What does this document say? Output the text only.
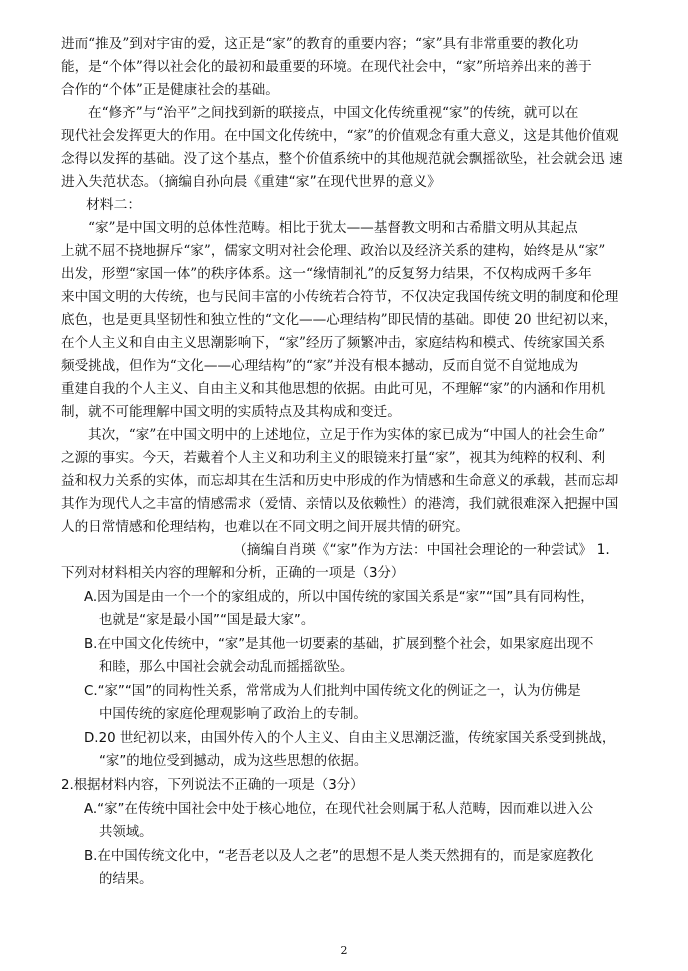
进而“推及”到对宇宙的爱，这正是“家”的教育的重要内容；“家”具有非常重要的教化功
能，是“个体”得以社会化的最初和最重要的环境。在现代社会中，“家”所培养出来的善于
合作的“个体”正是健康社会的基础。
在“修齐”与“治平”之间找到新的联接点，中国文化传统重视“家”的传统，就可以在
现代社会发挥更大的作用。在中国文化传统中，“家”的价值观念有重大意义，这是其他价值观
念得以发挥的基础。没了这个基点，整个价值系统中的其他规范就会飘摇欲坠，社会就会迅 速
进入失范状态。（摘编自孙向晨《重建“家”在现代世界的意义》
材料二：
“家”是中国文明的总体性范畴。相比于犹太——基督教文明和古希腊文明从其起点
上就不屈不挠地摒斥“家”，儒家文明对社会伦理、政治以及经济关系的建构，始终是从“家”
出发，形塑“家国一体”的秩序体系。这一“缘情制礼”的反复努力结果，不仅构成两千多年
来中国文明的大传统，也与民间丰富的小传统若合符节，不仅决定我国传统文明的制度和伦理
底色，也是更具坚韧性和独立性的“文化——心理结构”即民情的基础。即使 20 世纪初以来，
在个人主义和自由主义思潮影响下，“家”经历了频繁冲击，家庭结构和模式、传统家国关系
频受挑战，但作为“文化——心理结构”的“家”并没有根本撼动，反而自觉不自觉地成为
重建自我的个人主义、自由主义和其他思想的依据。由此可见，不理解“家”的内涵和作用机
制，就不可能理解中国文明的实质特点及其构成和变迁。
其次，“家”在中国文明中的上述地位，立足于作为实体的家已成为“中国人的社会生命”
之源的事实。今天，若戴着个人主义和功利主义的眼镜来打量“家”，视其为纯粹的权利、利
益和权力关系的实体，而忘却其在生活和历史中形成的作为情感和生命意义的承载，甚而忘却
其作为现代人之丰富的情感需求（爱情、亲情以及依赖性）的港湾，我们就很难深入把握中国
人的日常情感和伦理结构，也难以在不同文明之间开展共情的研究。
（摘编自肖瑛《“家”作为方法：中国社会理论的一种尝试》 1.
下列对材料相关内容的理解和分析，正确的一项是（3分）
A.因为国是由一个一个的家组成的，所以中国传统的家国关系是“家”“国”具有同构性，
也就是“家是最小国”“国是最大家”。
B.在中国文化传统中，“家”是其他一切要素的基础，扩展到整个社会，如果家庭出现不
和睦，那么中国社会就会动乱而摇摇欲坠。
C.“家”“国”的同构性关系，常常成为人们批判中国传统文化的例证之一，认为仿佛是
中国传统的家庭伦理观影响了政治上的专制。
D.20 世纪初以来，由国外传入的个人主义、自由主义思潮泛滥，传统家国关系受到挑战，
“家”的地位受到撼动，成为这些思想的依据。
2.根据材料内容，下列说法不正确的一项是（3分）
A.“家”在传统中国社会中处于核心地位，在现代社会则属于私人范畴，因而难以进入公
共领域。
B.在中国传统文化中，“老吾老以及人之老”的思想不是人类天然拥有的，而是家庭教化
的结果。
2
